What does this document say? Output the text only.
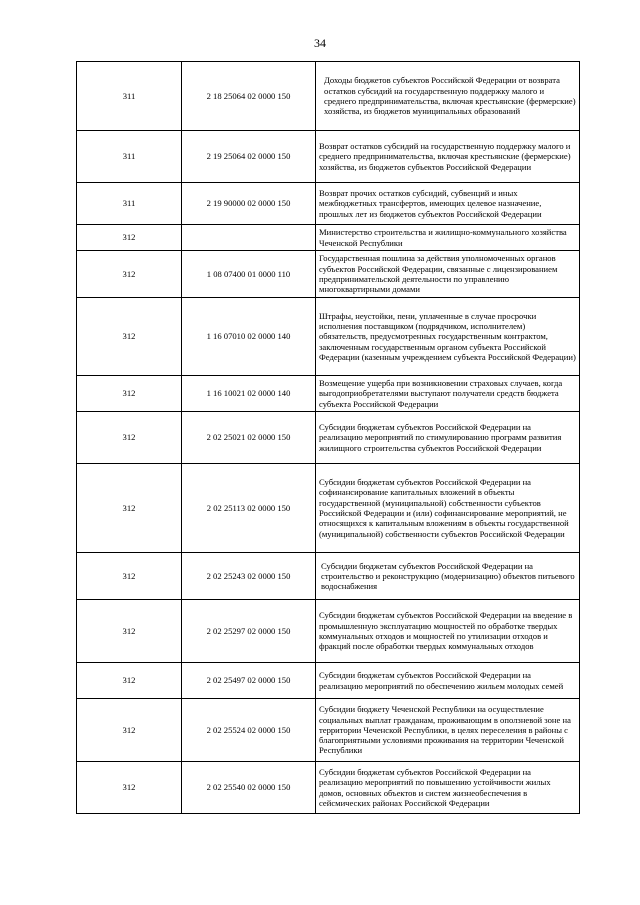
34
311	2 18 25064 02 0000 150	Доходы бюджетов субъектов Российской Федерации от возврата остатков субсидий на государственную поддержку малого и среднего предпринимательства, включая крестьянские (фермерские) хозяйства, из бюджетов муниципальных образований

311	2 19 25064 02 0000 150	Возврат остатков субсидий на государственную поддержку малого и среднего предпринимательства, включая крестьянские (фермерские) хозяйства, из бюджетов субъектов Российской Федерации

311	2 19 90000 02 0000 150	Возврат прочих остатков субсидий, субвенций и иных межбюджетных трансфертов, имеющих целевое назначение, прошлых лет из бюджетов субъектов Российской Федерации

312		Министерство строительства и жилищно-коммунального хозяйства Чеченской Республики

312	1 08 07400 01 0000 110	Государственная пошлина за действия уполномоченных органов субъектов Российской Федерации, связанные с лицензированием предпринимательской деятельности по управлению многоквартирными домами

312	1 16 07010 02 0000 140	Штрафы, неустойки, пени, уплаченные в случае просрочки исполнения поставщиком (подрядчиком, исполнителем) обязательств, предусмотренных государственным контрактом, заключенным государственным органом субъекта Российской Федерации (казенным учреждением субъекта Российской Федерации)

312	1 16 10021 02 0000 140	Возмещение ущерба при возникновении страховых случаев, когда выгодоприобретателями выступают получатели средств бюджета субъекта Российской Федерации

312	2 02 25021 02 0000 150	Субсидии бюджетам субъектов Российской Федерации на реализацию мероприятий по стимулированию программ развития жилищного строительства субъектов Российской Федерации

312	2 02 25113 02 0000 150	Субсидии бюджетам субъектов Российской Федерации на софинансирование капитальных вложений в объекты государственной (муниципальной) собственности субъектов Российской Федерации и (или) софинансирование мероприятий, не относящихся к капитальным вложениям в объекты государственной (муниципальной) собственности субъектов Российской Федерации

312	2 02 25243 02 0000 150	Субсидии бюджетам субъектов Российской Федерации на строительство и реконструкцию (модернизацию) объектов питьевого водоснабжения

312	2 02 25297 02 0000 150	Субсидии бюджетам субъектов Российской Федерации на введение в промышленную эксплуатацию мощностей по обработке твердых коммунальных отходов и мощностей по утилизации отходов и фракций после обработки твердых коммунальных отходов

312	2 02 25497 02 0000 150	Субсидии бюджетам субъектов Российской Федерации на реализацию мероприятий по обеспечению жильем молодых семей

312	2 02 25524 02 0000 150	Субсидии бюджету Чеченской Республики на осуществление социальных выплат гражданам, проживающим в оползневой зоне на территории Чеченской Республики, в целях переселения в районы с благоприятными условиями проживания на территории Чеченской Республики

312	2 02 25540 02 0000 150	Субсидии бюджетам субъектов Российской Федерации на реализацию мероприятий по повышению устойчивости жилых домов, основных объектов и систем жизнеобеспечения в сейсмических районах Российской Федерации
